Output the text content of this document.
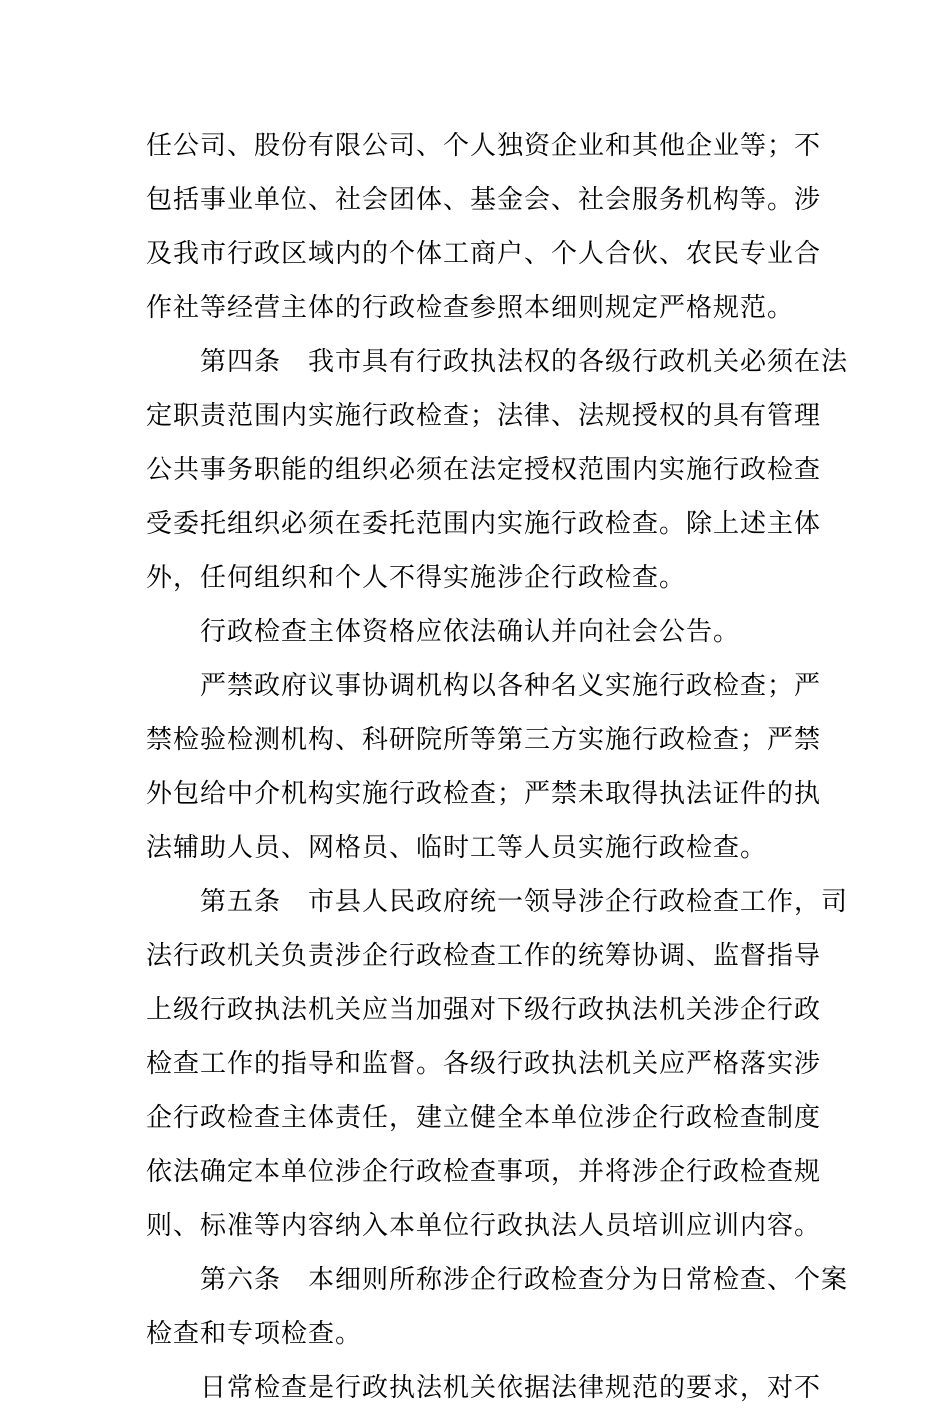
任公司、股份有限公司、个人独资企业和其他企业等；不
包括事业单位、社会团体、基金会、社会服务机构等。涉
及我市行政区域内的个体工商户、个人合伙、农民专业合
作社等经营主体的行政检查参照本细则规定严格规范。
第四条　我市具有行政执法权的各级行政机关必须在法
定职责范围内实施行政检查；法律、法规授权的具有管理
公共事务职能的组织必须在法定授权范围内实施行政检查
受委托组织必须在委托范围内实施行政检查。除上述主体
外，任何组织和个人不得实施涉企行政检查。
行政检查主体资格应依法确认并向社会公告。
严禁政府议事协调机构以各种名义实施行政检查；严
禁检验检测机构、科研院所等第三方实施行政检查；严禁
外包给中介机构实施行政检查；严禁未取得执法证件的执
法辅助人员、网格员、临时工等人员实施行政检查。
第五条　市县人民政府统一领导涉企行政检查工作，司
法行政机关负责涉企行政检查工作的统筹协调、监督指导
上级行政执法机关应当加强对下级行政执法机关涉企行政
检查工作的指导和监督。各级行政执法机关应严格落实涉
企行政检查主体责任，建立健全本单位涉企行政检查制度
依法确定本单位涉企行政检查事项，并将涉企行政检查规
则、标准等内容纳入本单位行政执法人员培训应训内容。
第六条　本细则所称涉企行政检查分为日常检查、个案
检查和专项检查。
日常检查是行政执法机关依据法律规范的要求，对不
